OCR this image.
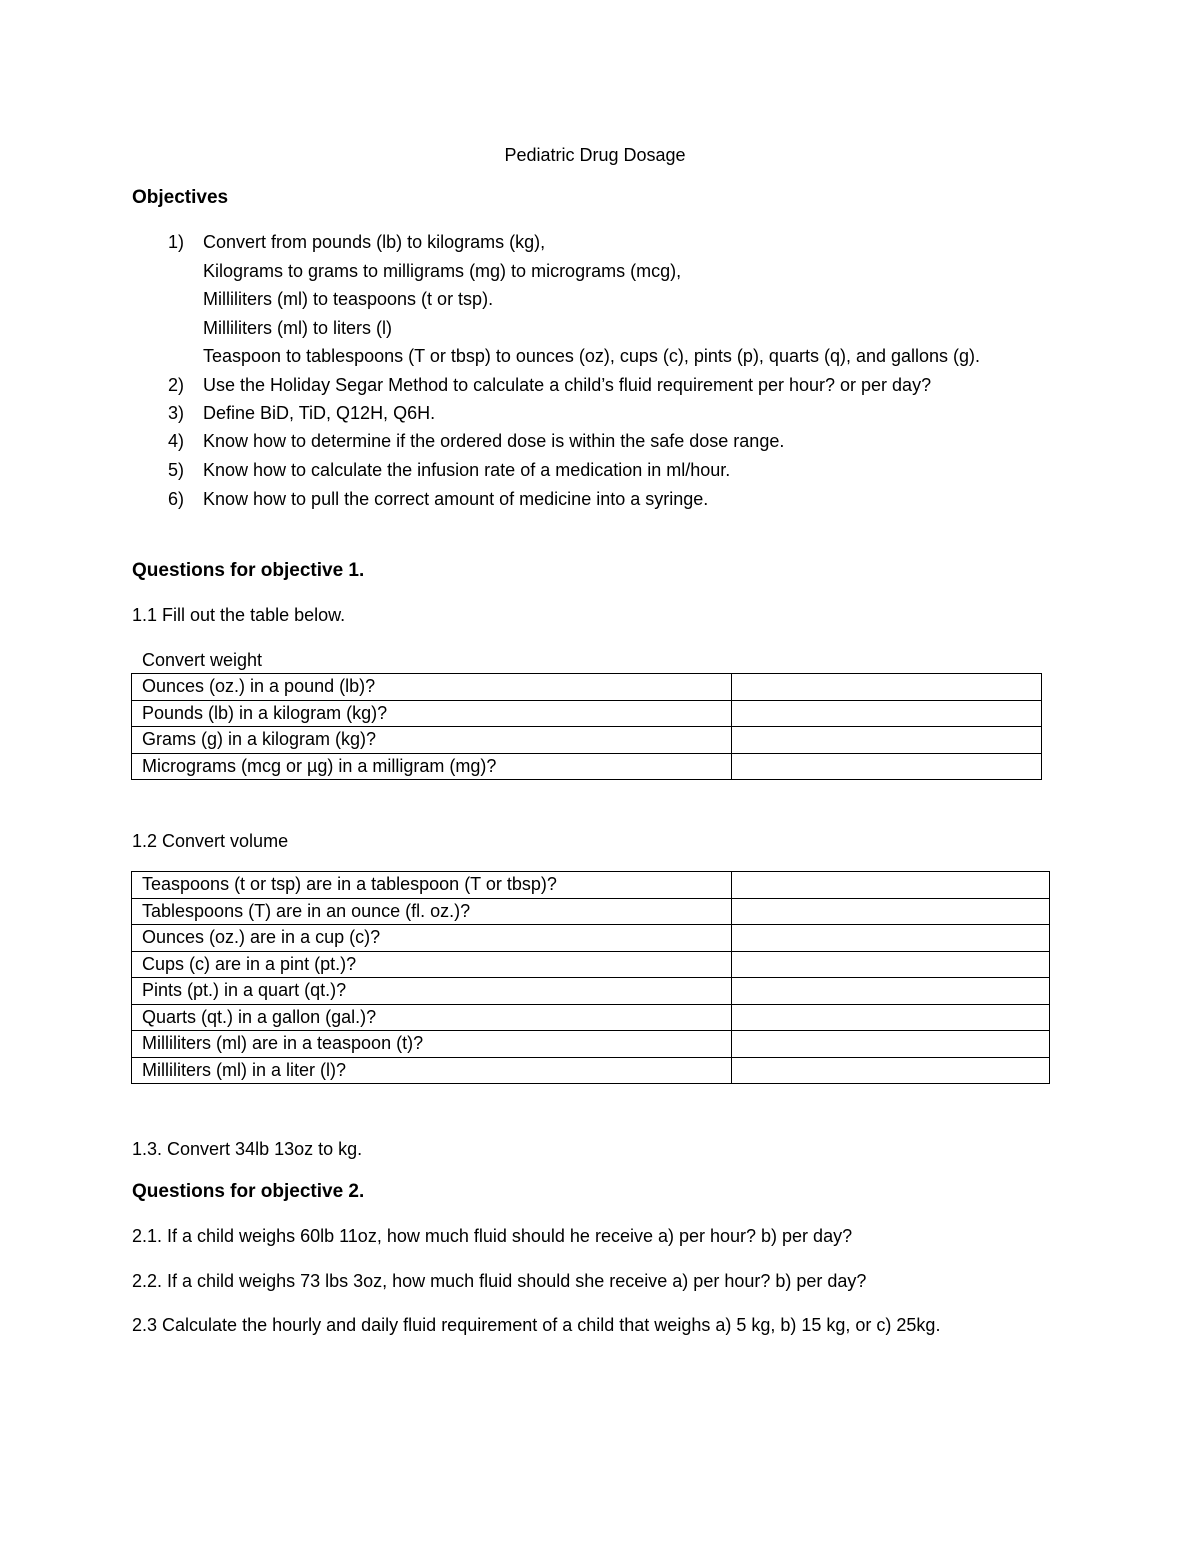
Pediatric Drug Dosage
Objectives
1) Convert from pounds (lb) to kilograms (kg),
Kilograms to grams to milligrams (mg) to micrograms (mcg),
Milliliters (ml) to teaspoons (t or tsp).
Milliliters (ml) to liters (l)
Teaspoon to tablespoons (T or tbsp) to ounces (oz), cups (c), pints (p), quarts (q), and gallons (g).
2) Use the Holiday Segar Method to calculate a child’s fluid requirement per hour? or per day?
3) Define BiD, TiD, Q12H, Q6H.
4) Know how to determine if the ordered dose is within the safe dose range.
5) Know how to calculate the infusion rate of a medication in ml/hour.
6) Know how to pull the correct amount of medicine into a syringe.
Questions for objective 1.
1.1 Fill out the table below.
Convert weight
Ounces (oz.) in a pound (lb)?	
Pounds (lb) in a kilogram (kg)?	
Grams (g) in a kilogram (kg)?	
Micrograms (mcg or µg) in a milligram (mg)?	
1.2 Convert volume
Teaspoons (t or tsp) are in a tablespoon (T or tbsp)?	
Tablespoons (T) are in an ounce (fl. oz.)?	
Ounces (oz.) are in a cup (c)?	
Cups (c) are in a pint (pt.)?	
Pints (pt.) in a quart (qt.)?	
Quarts (qt.) in a gallon (gal.)?	
Milliliters (ml) are in a teaspoon (t)?	
Milliliters (ml) in a liter (l)?	
1.3. Convert 34lb 13oz to kg.
Questions for objective 2.
2.1. If a child weighs 60lb 11oz, how much fluid should he receive a) per hour? b) per day?
2.2. If a child weighs 73 lbs 3oz, how much fluid should she receive a) per hour? b) per day?
2.3 Calculate the hourly and daily fluid requirement of a child that weighs a) 5 kg, b) 15 kg, or c) 25kg.
